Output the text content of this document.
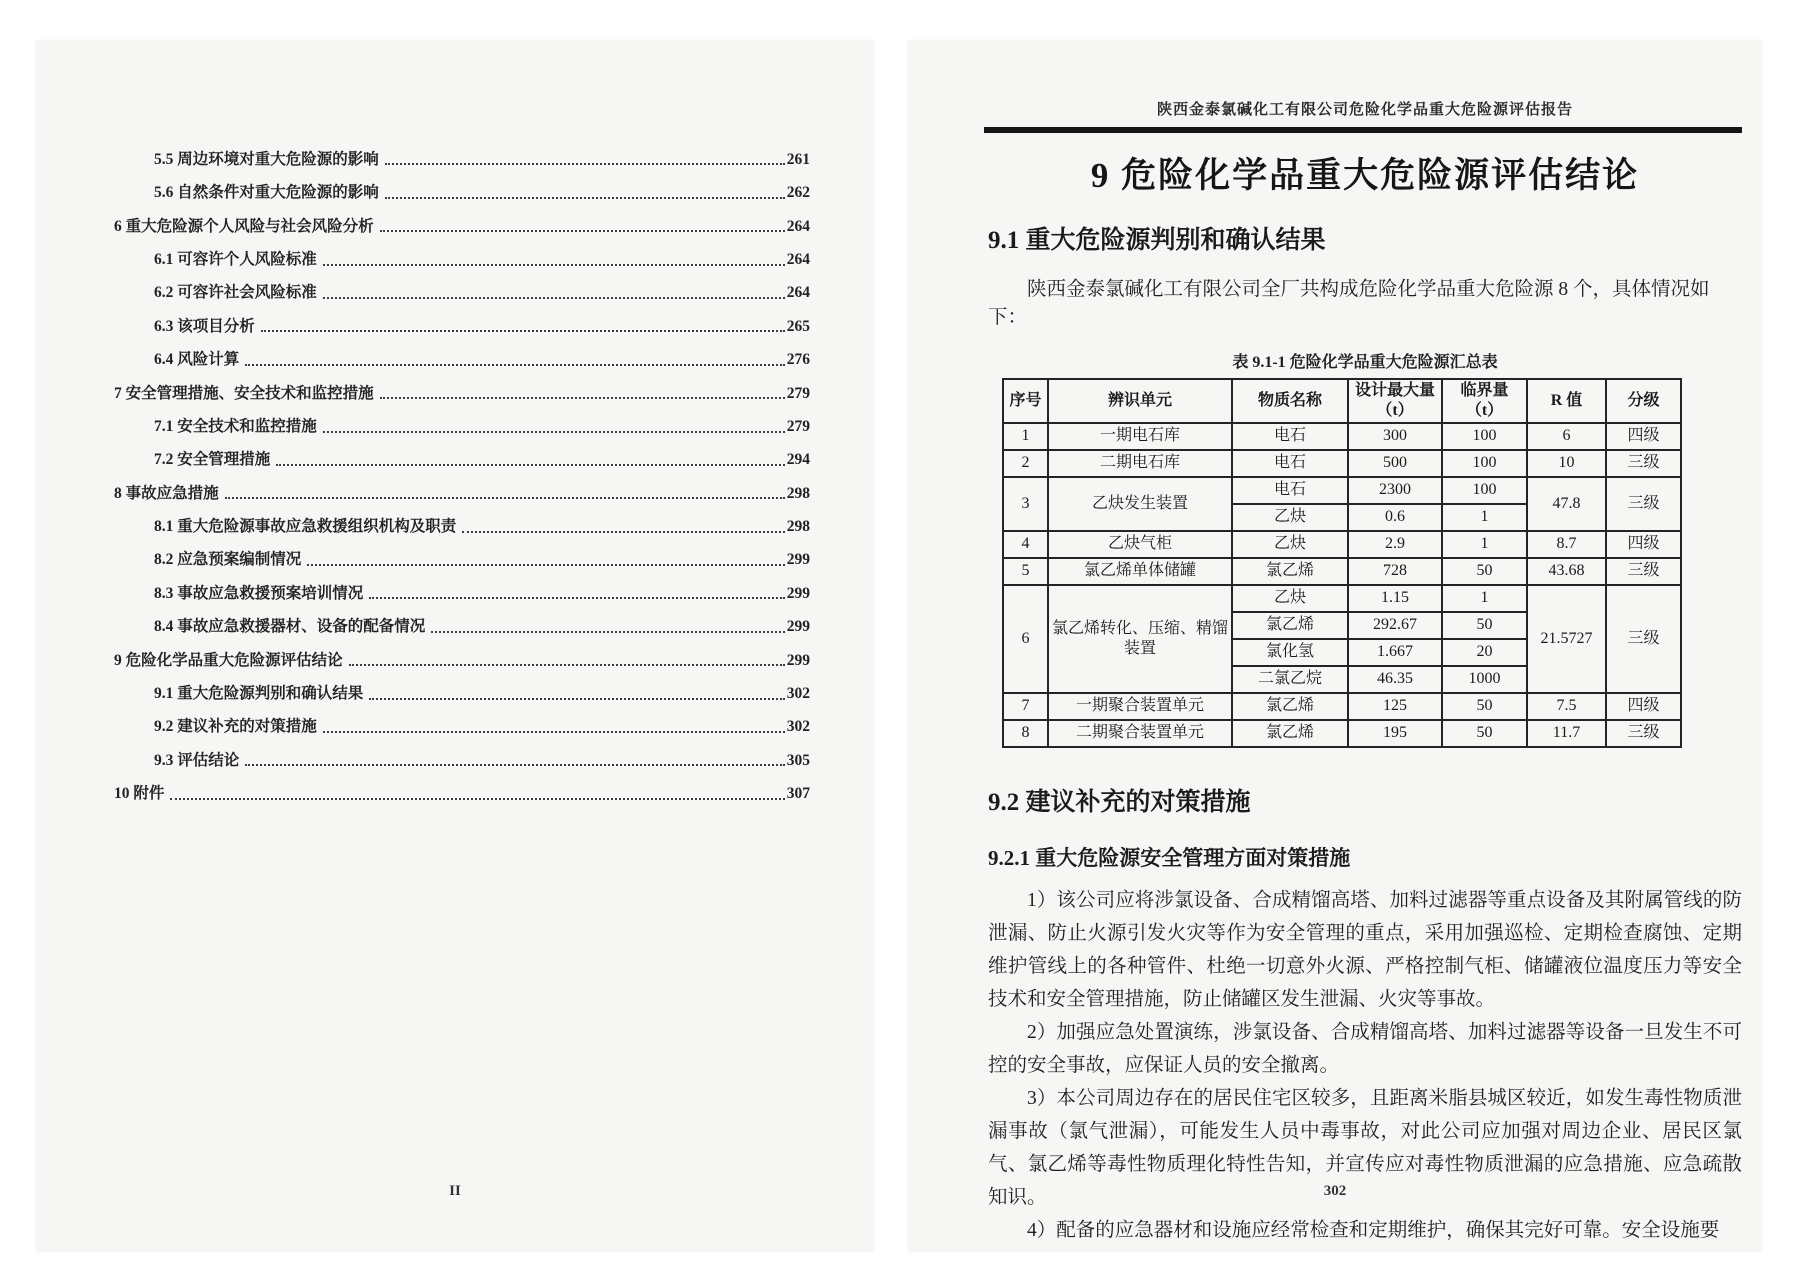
5.5 周边环境对重大危险源的影响	261
5.6 自然条件对重大危险源的影响	262
6 重大危险源个人风险与社会风险分析	264
6.1 可容许个人风险标准	264
6.2 可容许社会风险标准	264
6.3 该项目分析	265
6.4 风险计算	276
7 安全管理措施、安全技术和监控措施	279
7.1 安全技术和监控措施	279
7.2 安全管理措施	294
8 事故应急措施	298
8.1 重大危险源事故应急救援组织机构及职责	298
8.2 应急预案编制情况	299
8.3 事故应急救援预案培训情况	299
8.4 事故应急救援器材、设备的配备情况	299
9 危险化学品重大危险源评估结论	299
9.1 重大危险源判别和确认结果	302
9.2 建议补充的对策措施	302
9.3 评估结论	305
10 附件	307
II
陕西金泰氯碱化工有限公司危险化学品重大危险源评估报告
9 危险化学品重大危险源评估结论
9.1 重大危险源判别和确认结果

陕西金泰氯碱化工有限公司全厂共构成危险化学品重大危险源 8 个，具体情况如下：

表 9.1-1 危险化学品重大危险源汇总表
序号	辨识单元	物质名称	设计最大量（t）	临界量（t）	R 值	分级
1	一期电石库	电石	300	100	6	四级
2	二期电石库	电石	500	100	10	三级
3	乙炔发生装置	电石	2300	100	47.8	三级
		乙炔	0.6	1		
4	乙炔气柜	乙炔	2.9	1	8.7	四级
5	氯乙烯单体储罐	氯乙烯	728	50	43.68	三级
6	氯乙烯转化、压缩、精馏装置	乙炔	1.15	1	21.5727	三级
		氯乙烯	292.67	50		
		氯化氢	1.667	20		
		二氯乙烷	46.35	1000		
7	一期聚合装置单元	氯乙烯	125	50	7.5	四级
8	二期聚合装置单元	氯乙烯	195	50	11.7	三级
9.2 建议补充的对策措施
9.2.1 重大危险源安全管理方面对策措施

1）该公司应将涉氯设备、合成精馏高塔、加料过滤器等重点设备及其附属管线的防泄漏、防止火源引发火灾等作为安全管理的重点，采用加强巡检、定期检查腐蚀、定期维护管线上的各种管件、杜绝一切意外火源、严格控制气柜、储罐液位温度压力等安全技术和安全管理措施，防止储罐区发生泄漏、火灾等事故。

2）加强应急处置演练，涉氯设备、合成精馏高塔、加料过滤器等设备一旦发生不可控的安全事故，应保证人员的安全撤离。

3）本公司周边存在的居民住宅区较多，且距离米脂县城区较近，如发生毒性物质泄漏事故（氯气泄漏），可能发生人员中毒事故，对此公司应加强对周边企业、居民区氯气、氯乙烯等毒性物质理化特性告知，并宣传应对毒性物质泄漏的应急措施、应急疏散知识。

4）配备的应急器材和设施应经常检查和定期维护，确保其完好可靠。安全设施要

302
